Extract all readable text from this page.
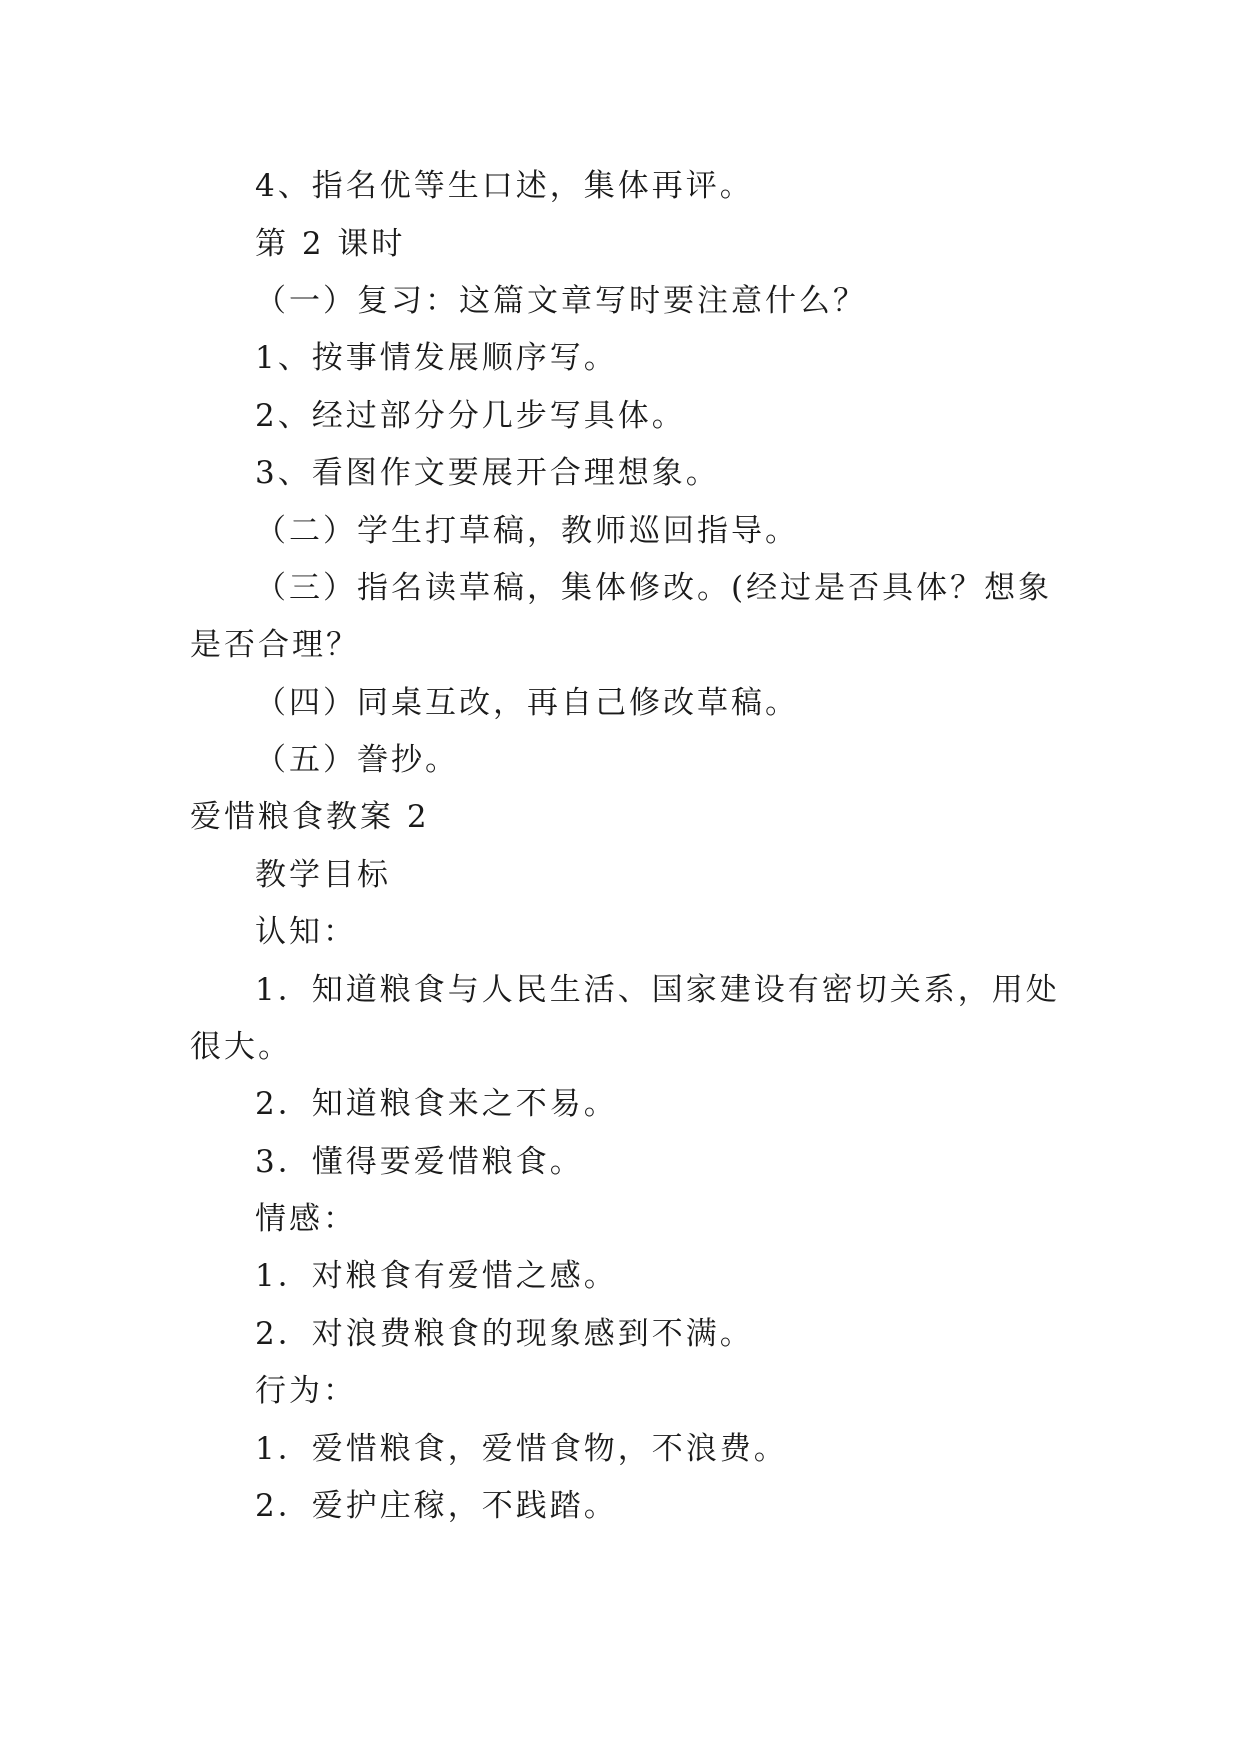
4、指名优等生口述，集体再评。
第 2 课时
（一）复习：这篇文章写时要注意什么？
1、按事情发展顺序写。
2、经过部分分几步写具体。
3、看图作文要展开合理想象。
（二）学生打草稿，教师巡回指导。
（三）指名读草稿，集体修改。(经过是否具体？想象
是否合理？
（四）同桌互改，再自己修改草稿。
（五）誊抄。
爱惜粮食教案 2
教学目标
认知：
1．知道粮食与人民生活、国家建设有密切关系，用处
很大。
2．知道粮食来之不易。
3．懂得要爱惜粮食。
情感：
1．对粮食有爱惜之感。
2．对浪费粮食的现象感到不满。
行为：
1．爱惜粮食，爱惜食物，不浪费。
2．爱护庄稼，不践踏。
